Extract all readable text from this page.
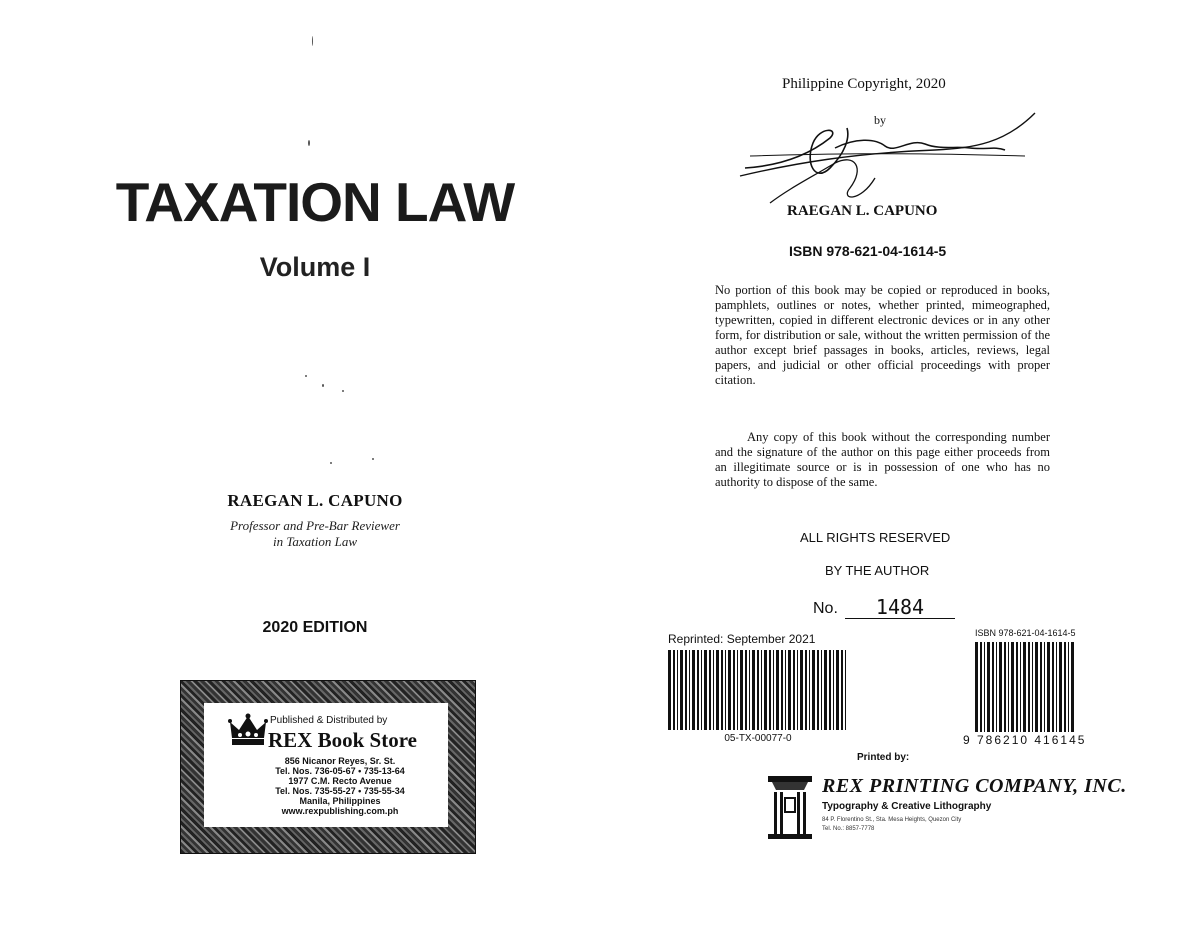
TAXATION LAW
Volume I
RAEGAN L. CAPUNO
Professor and Pre-Bar Reviewer
in Taxation Law
2020 EDITION
Published & Distributed by
REX Book Store
856 Nicanor Reyes, Sr. St.
Tel. Nos. 736-05-67 • 735-13-64
1977 C.M. Recto Avenue
Tel. Nos. 735-55-27 • 735-55-34
Manila, Philippines
www.rexpublishing.com.ph
Philippine Copyright, 2020
by
RAEGAN L. CAPUNO
ISBN 978-621-04-1614-5
No portion of this book may be copied or reproduced in books, pamphlets, outlines or notes, whether printed, mimeographed, typewritten, copied in different electronic devices or in any other form, for distribution or sale, without the written permission of the author except brief passages in books, articles, reviews, legal papers, and judicial or other official proceedings with proper citation.
Any copy of this book without the corresponding number and the signature of the author on this page either proceeds from an illegitimate source or is in possession of one who has no authority to dispose of the same.
ALL RIGHTS RESERVED
BY THE AUTHOR
No.	1484
Reprinted: September 2021
05-TX-00077-0
ISBN 978-621-04-1614-5
9 786210 416145
Printed by:
REX PRINTING COMPANY, INC.
Typography & Creative Lithography
84 P. Florentino St., Sta. Mesa Heights, Quezon City
Tel. No.: 8857-7778
